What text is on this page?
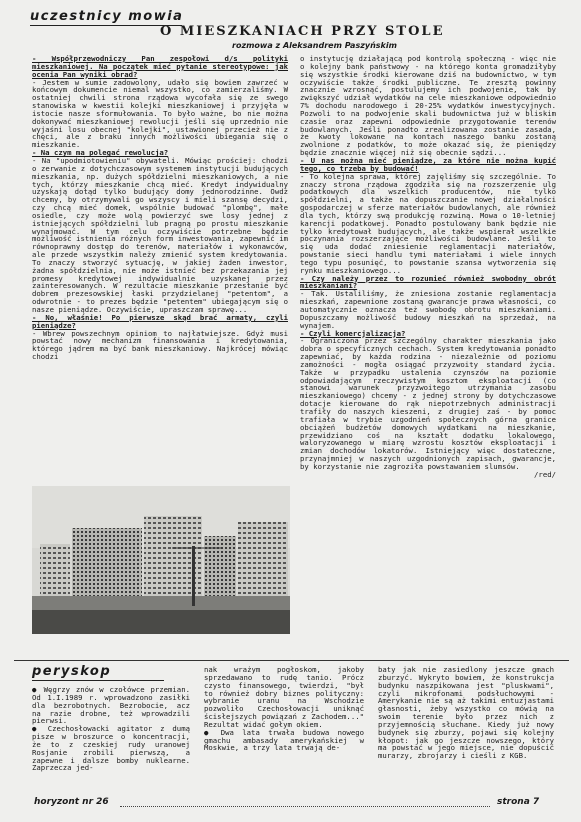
uczestnicy mowia
O MIESZKANIACH PRZY STOLE
rozmowa z Aleksandrem Paszyńskim

- Współprzewodniczy Pan zespołowi d/s polityki mieszkaniowej. Na początek mieć pytanie stereotypowe: jak ocenia Pan wyniki obrad?

- Jestem w sumie zadowolony, udało się bowiem zawrzeć w końcowym dokumencie niemal wszystko, co zamierzaliśmy. W ostatniej chwili strona rządowa wycofała się ze swego stanowiska w kwestii kolejki mieszkaniowej i przyjęła w istocie nasze sformułowania. To było ważne, bo nie można dokonywać mieszkaniowej rewolucji jeśli się uprzednio nie wyjaśni losu obecnej "kolejki", ustawionej przecież nie z chęci, ale z braku innych możliwości ubiegania się o mieszkanie.

- Na czym ma polegać rewolucja?

- Na "upodmiotowieniu" obywateli. Mówiąc prościej: chodzi o zerwanie z dotychczasowym systemem instytucji budujących mieszkania, np. dużych spółdzielni mieszkaniowych, a nie tych, którzy mieszkanie chcą mieć. Kredyt indywidualny uzyskają dotąd tylko budujący domy jednorodzinne. Owdż chcemy, by otrzymywali go wszyscy i mieli szansę decydzi, czy chcą mieć domek, wspólnie budować "plombę", małe osiedle, czy może wolą powierzyć swe losy jednej z istniejących spółdzielni lub pragną po prostu mieszkanie wynajmować. W tym celu oczywiście potrzebne będzie możliwość istnienia różnych form inwestowania, zapewnić im równoprawny dostęp do terenów, materiałów i wykonawców, ale przede wszystkim należy zmienić system kredytowania. To znaczy stworzyć sytuację, w jakiej żaden inwestor, żadna spółdzielnia, nie może istnieć bez przekazania jej promesy kredytowej indywidualnie uzyskanej przez zainteresowanych. W rezultacie mieszkanie przestanie być dobrem prezesowskiej łaski przydzielanej "petentom", a odwrotnie - to prezes będzie "petentem" ubiegającym się o nasze pieniądze. Oczywiście, upraszczam sprawę...

- No, właśnie! Po pierwsze skąd brać armaty, czyli pieniądze?

- Wbrew powszechnym opiniom to najłatwiejsze. Gdyż musi powstać nowy mechanizm finansowania i kredytowania, którego jądrem ma być bank mieszkaniowy. Najkrócej mówiąc chodzi

o instytucję działającą pod kontrolą społeczną - więc nie o kolejny bank państwowy - na którego konta gromadziłyby się wszystkie środki kierowane dziś na budownictwo, w tym oczywiście także środki publiczne. Te zresztą powinny znacznie wzrosnąć, postulujemy ich podwojenie, tak by zwiększyć udział wydatków na cele mieszkaniowe odpowiednio 7% dochodu narodowego i 20-25% wydatków inwestycyjnych. Pozwoli to na podwojenie skali budownictwa już w bliskim czasie oraz zapewni odpowiednie przygotowanie terenów budowlanych. Jeśli ponadto zrealizowana zostanie zasada, że kwoty lokowane na kontach naszego banku zostaną zwolnione z podatków, to może okazać się, że pieniędzy będzie znacznie więcej niż się obecnie sądzi...

- U nas można mieć pieniądze, za które nie można kupić tego, co trzeba by budować!

- To kolejna sprawa, której zajęliśmy się szczególnie. To znaczy strona rządowa zgodziła się na rozszerzenie ulg podatkowych dla wszelkich producentów, nie tylko spółdzielni, a także na dopuszczanie nowej działalności gospodarczej w sferze materiałów budowlanych, ale również dla tych, którzy swą produkcję rozwiną. Mowa o 10-letniej karencji podatkowej. Ponadto postulowany bank będzie nie tylko kredytował budujących, ale także wspierał wszelkie poczynania rozszerzające możliwości budowlane. Jeśli to się uda dodać zniesienie reglamentacji materiałów, powstanie sieci handlu tymi materiałami i wiele innych tego typu posunięć, to powstanie szansa wytworzenia się rynku mieszkaniowego...

- Czy należy przez to rozumieć również swobodny obrót mieszkaniami?

- Tak. Ustaliliśmy, że zniesiona zostanie reglamentacja mieszkań, zapewnione zostaną gwarancje prawa własności, co automatycznie oznacza też swobodę obrotu mieszkaniami. Dopuszczamy możliwość budowy mieszkań na sprzedaż, na wynajem.

- Czyli komercjalizacja?

- Ograniczona przez szczególny charakter mieszkania jako dobra o specyficznych cechach. System kredytowania ponadto zapewniać, by każda rodzina - niezależnie od poziomu zamożności - mogła osiągać przyzwoity standard życia. Także w przypadku ustalenia czynszów na poziomie odpowiadającym rzeczywistym kosztom eksploatacji (co stanowi warunek przyzwoitego utrzymania zasobu mieszkaniowego) chcemy - z jednej strony by dotychczasowe dotacje kierowane do rąk niepotrzebnych administracji trafiły do naszych kieszeni, z drugiej zaś - by pomoc trafiała w trybie uzgodnień społecznych górna granice obciążeń budżetów domowych wydatkami na mieszkanie, przewidziano coś na kształt dodatku lokalowego, waloryzowanego w miarę wzrostu kosztów eksploatacji i zmian dochodów lokatorów. Istniejący więc dostateczne, przynajmniej w naszych uzgodnionych zapisach, gwarancje, by korzystanie nie zagroziła powstawaniem slumsów.

/red/

peryskop

● Węgrzy znów w czołówce przemian. Od 1.I.1989 r. wprowadzono zasiłki dla bezrobotnych. Bezrobocie, acz na razie drobne, też wprowadzili pierwsi.

● Czechosłowacki agitator z dumą pisze w broszurce o koncentracji, że to z czeskiej rudy uranowej Rosjanie zrobili pierwszą, a zapewne i dalsze bomby nuklearne. Zaprzecza jed-

nak wrażym pogłoskom, jakoby sprzedawano to rudę tanio. Prócz czysto finansowego, twierdzi, "był to również dobry biznes polityczny: wybranie uranu na Wschodzie pozwoliło Czechosłowacji uniknąć ścisłejszych powiązań z Zachodem..." Rezultat widać gołym okiem.

● Dwa lata trwała budowa nowego gmachu ambasady amerykańskiej w Moskwie, a trzy lata trwają de-

baty jak nie zasiedlony jeszcze gmach zburzyć. Wykryto bowiem, że konstrukcja budynku naszpikowana jest "pluskwami", czyli mikrofonami podsłuchowymi - Amerykanie nie są aż takimi entuzjastami głasnosti, żeby wszystko co mówią na swoim terenie było przez nich z przyjemnością słuchane. Kiedy już nowy budynek się zburzy, pojawi się kolejny kłopot: jak go jeszcze nowszego, który ma powstać w jego miejsce, nie dopuścić murarzy, zbrojarzy i cieśli z KGB.

horyzont nr 26	strona 7
